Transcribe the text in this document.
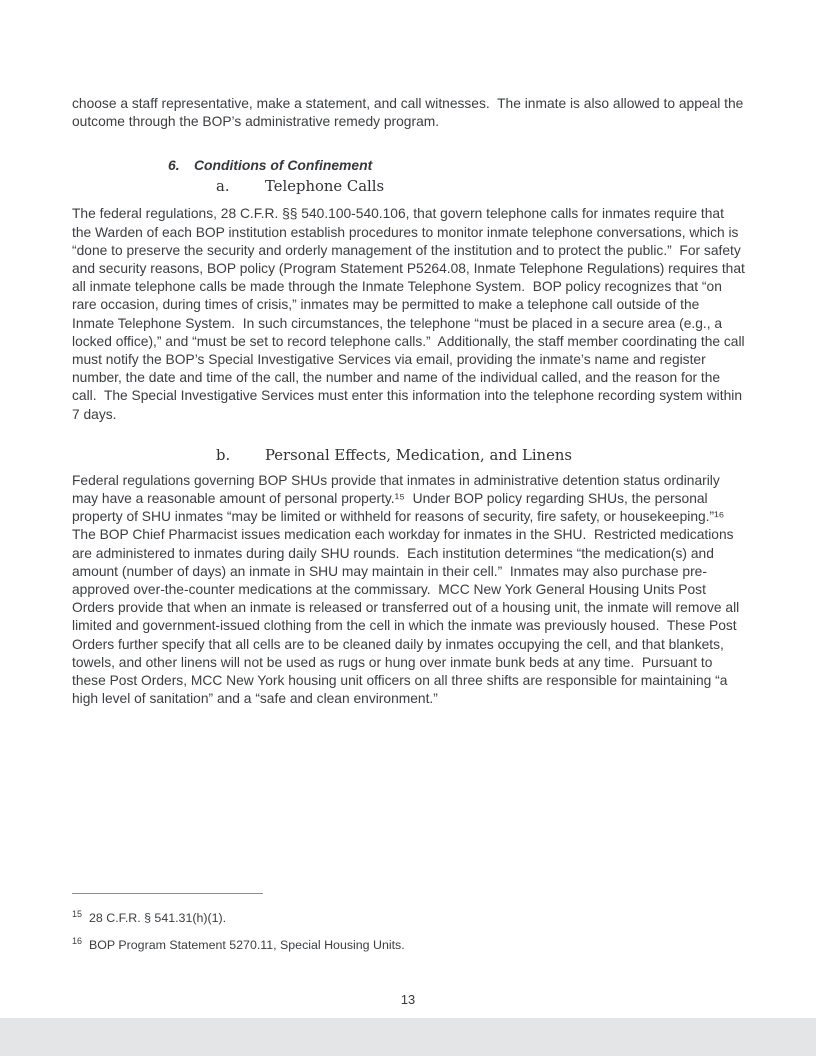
choose a staff representative, make a statement, and call witnesses.  The inmate is also allowed to appeal the outcome through the BOP’s administrative remedy program.

6. Conditions of Confinement
a. Telephone Calls

The federal regulations, 28 C.F.R. §§ 540.100-540.106, that govern telephone calls for inmates require that the Warden of each BOP institution establish procedures to monitor inmate telephone conversations, which is “done to preserve the security and orderly management of the institution and to protect the public.”  For safety and security reasons, BOP policy (Program Statement P5264.08, Inmate Telephone Regulations) requires that all inmate telephone calls be made through the Inmate Telephone System.  BOP policy recognizes that “on rare occasion, during times of crisis,” inmates may be permitted to make a telephone call outside of the Inmate Telephone System.  In such circumstances, the telephone “must be placed in a secure area (e.g., a locked office),” and “must be set to record telephone calls.”  Additionally, the staff member coordinating the call must notify the BOP’s Special Investigative Services via email, providing the inmate’s name and register number, the date and time of the call, the number and name of the individual called, and the reason for the call.  The Special Investigative Services must enter this information into the telephone recording system within 7 days.

b. Personal Effects, Medication, and Linens

Federal regulations governing BOP SHUs provide that inmates in administrative detention status ordinarily may have a reasonable amount of personal property.¹⁵  Under BOP policy regarding SHUs, the personal property of SHU inmates “may be limited or withheld for reasons of security, fire safety, or housekeeping.”¹⁶ The BOP Chief Pharmacist issues medication each workday for inmates in the SHU.  Restricted medications are administered to inmates during daily SHU rounds.  Each institution determines “the medication(s) and amount (number of days) an inmate in SHU may maintain in their cell.”  Inmates may also purchase pre-approved over-the-counter medications at the commissary.  MCC New York General Housing Units Post Orders provide that when an inmate is released or transferred out of a housing unit, the inmate will remove all limited and government-issued clothing from the cell in which the inmate was previously housed.  These Post Orders further specify that all cells are to be cleaned daily by inmates occupying the cell, and that blankets, towels, and other linens will not be used as rugs or hung over inmate bunk beds at any time.  Pursuant to these Post Orders, MCC New York housing unit officers on all three shifts are responsible for maintaining “a high level of sanitation” and a “safe and clean environment.”

$^{15}$ 28 C.F.R. § 541.31(h)(1).
$^{16}$ BOP Program Statement 5270.11, Special Housing Units.
13
